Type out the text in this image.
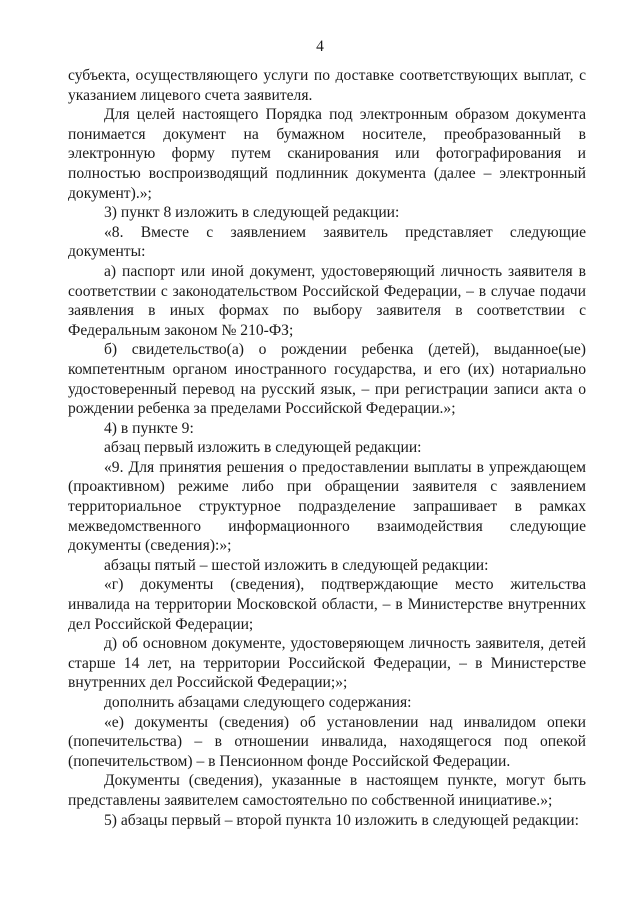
4

субъекта, осуществляющего услуги по доставке соответствующих выплат, с указанием лицевого счета заявителя.

Для целей настоящего Порядка под электронным образом документа понимается документ на бумажном носителе, преобразованный в электронную форму путем сканирования или фотографирования и полностью воспроизводящий подлинник документа (далее – электронный документ).»;

3) пункт 8 изложить в следующей редакции:

«8. Вместе с заявлением заявитель представляет следующие документы:

а) паспорт или иной документ, удостоверяющий личность заявителя в соответствии с законодательством Российской Федерации, – в случае подачи заявления в иных формах по выбору заявителя в соответствии с Федеральным законом № 210-ФЗ;

б) свидетельство(а) о рождении ребенка (детей), выданное(ые) компетентным органом иностранного государства, и его (их) нотариально удостоверенный перевод на русский язык, – при регистрации записи акта о рождении ребенка за пределами Российской Федерации.»;

4) в пункте 9:

абзац первый изложить в следующей редакции:

«9. Для принятия решения о предоставлении выплаты в упреждающем (проактивном) режиме либо при обращении заявителя с заявлением территориальное структурное подразделение запрашивает в рамках межведомственного информационного взаимодействия следующие документы (сведения):»;

абзацы пятый – шестой изложить в следующей редакции:

«г) документы (сведения), подтверждающие место жительства инвалида на территории Московской области, – в Министерстве внутренних дел Российской Федерации;

д) об основном документе, удостоверяющем личность заявителя, детей старше 14 лет, на территории Российской Федерации, – в Министерстве внутренних дел Российской Федерации;»;

дополнить абзацами следующего содержания:

«е) документы (сведения) об установлении над инвалидом опеки (попечительства) – в отношении инвалида, находящегося под опекой (попечительством) – в Пенсионном фонде Российской Федерации.

Документы (сведения), указанные в настоящем пункте, могут быть представлены заявителем самостоятельно по собственной инициативе.»;

5) абзацы первый – второй пункта 10 изложить в следующей редакции:
